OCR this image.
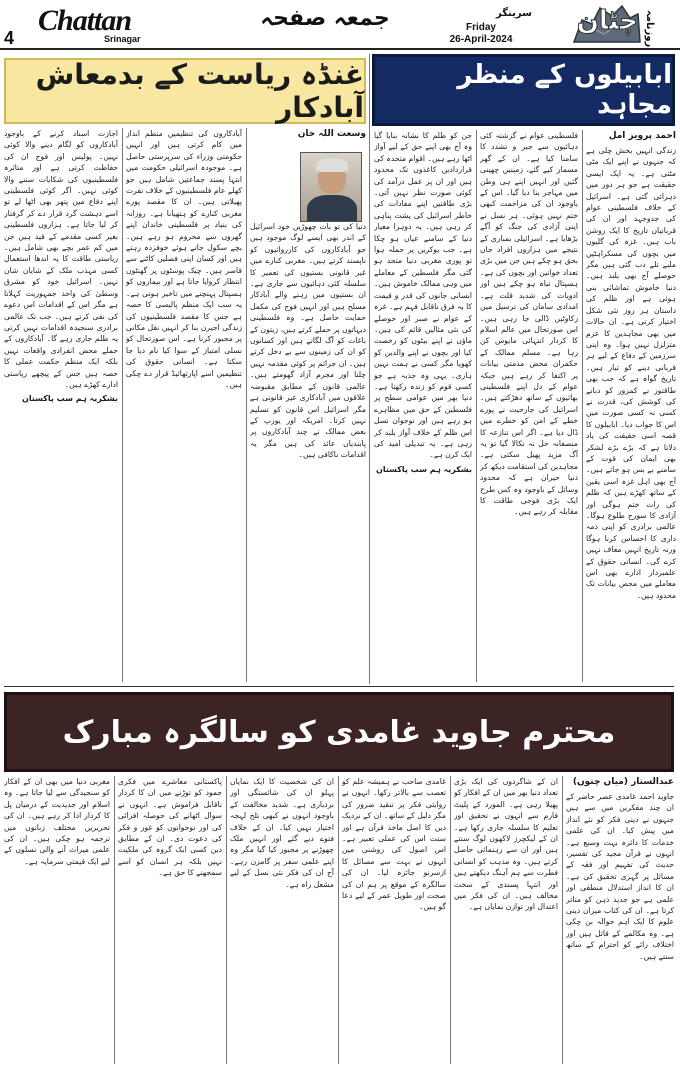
4
Chattan
Srinagar
جمعہ صفحہ	Friday
26-April-2024
سرینگر چٹان روزنامہ
ابابیلوں کے منظر مجاہد
غنڈہ ریاست کے بدمعاش آبادکار
احمد پرویز امل

زندگی انہیں بخش چلی ہے کہ جنہوں نے اپنے ایک مٹی مٹتی ہے۔ یہ ایک ایسی حقیقت ہے جو ہر دور میں دہرائی گئی ہے۔ اسرائیل کے خلاف فلسطینی عوام کی جدوجہد اور ان کی قربانیاں تاریخ کا ایک روشن باب ہیں۔ غزہ کی گلیوں میں بچوں کی مسکراہٹیں ملبے تلے دب گئی ہیں مگر حوصلے آج بھی بلند ہیں۔ دنیا خاموش تماشائی بنی ہوئی ہے اور ظلم کی داستان ہر روز نئی شکل اختیار کرتی ہے۔ ان حالات میں بھی مجاہدین کا عزم متزلزل نہیں ہوا۔ وہ اپنی سرزمین کے دفاع کے لیے ہر قربانی دینے کو تیار ہیں۔ تاریخ گواہ ہے کہ جب بھی طاقتور نے کمزور کو دبانے کی کوشش کی، قدرت نے کسی نہ کسی صورت میں اس کا جواب دیا۔ ابابیلوں کا قصہ اسی حقیقت کی یاد دلاتا ہے کہ بڑے بڑے لشکر بھی ایمان کی قوت کے سامنے بے بس ہو جاتے ہیں۔ آج بھی اہل غزہ اسی یقین کے ساتھ کھڑے ہیں کہ ظلم کی رات ختم ہوگی اور آزادی کا سورج طلوع ہوگا۔ عالمی برادری کو اپنی ذمہ داری کا احساس کرنا ہوگا ورنہ تاریخ انہیں معاف نہیں کرے گی۔ انسانی حقوق کے علمبردار ادارے بھی اس معاملے میں محض بیانات تک محدود ہیں۔

فلسطینی عوام نے گزشتہ کئی دہائیوں سے جبر و تشدد کا سامنا کیا ہے۔ ان کے گھر مسمار کیے گئے، زمینیں چھینی گئیں اور انہیں اپنے ہی وطن میں مہاجر بنا دیا گیا۔ اس کے باوجود ان کی مزاحمت کبھی ختم نہیں ہوئی۔ ہر نسل نے اپنی آزادی کی جنگ کو آگے بڑھایا ہے۔ اسرائیلی بمباری کے نتیجے میں ہزاروں افراد جاں بحق ہو چکے ہیں جن میں بڑی تعداد خواتین اور بچوں کی ہے۔ ہسپتال تباہ ہو چکے ہیں اور ادویات کی شدید قلت ہے۔ امدادی سامان کی ترسیل میں رکاوٹیں ڈالی جا رہی ہیں۔ اس صورتحال میں عالم اسلام کا کردار انتہائی مایوس کن رہا ہے۔ مسلم ممالک کے حکمران محض مذمتی بیانات پر اکتفا کر رہے ہیں جبکہ عوام کے دل اپنے فلسطینی بھائیوں کے ساتھ دھڑکتے ہیں۔ اسرائیل کی جارحیت نے پورے خطے کے امن کو خطرے میں ڈال دیا ہے۔ اگر اس تنازعہ کا منصفانہ حل نہ نکالا گیا تو یہ آگ مزید پھیل سکتی ہے۔ مجاہدین کی استقامت دیکھ کر دنیا حیران ہے کہ محدود وسائل کے باوجود وہ کس طرح ایک بڑی فوجی طاقت کا مقابلہ کر رہے ہیں۔

جن کو ظلم کا نشانہ بنایا گیا وہ آج بھی اپنے حق کے لیے آواز اٹھا رہے ہیں۔ اقوام متحدہ کی قراردادیں کاغذوں تک محدود ہیں اور ان پر عمل درآمد کی کوئی صورت نظر نہیں آتی۔ بڑی طاقتیں اپنے مفادات کی خاطر اسرائیل کی پشت پناہی کر رہی ہیں۔ یہ دوہرا معیار دنیا کے سامنے عیاں ہو چکا ہے۔ جب یوکرین پر حملہ ہوا تو پوری مغربی دنیا متحد ہو گئی مگر فلسطین کے معاملے میں وہی ممالک خاموش ہیں۔ انسانی جانوں کی قدر و قیمت کا یہ فرق ناقابل فہم ہے۔ غزہ کے عوام نے صبر اور حوصلے کی نئی مثالیں قائم کی ہیں۔ ماؤں نے اپنے بیٹوں کو رخصت کیا اور بچوں نے اپنے والدین کو کھویا مگر کسی نے ہمت نہیں ہاری۔ یہی وہ جذبہ ہے جو کسی قوم کو زندہ رکھتا ہے۔ دنیا بھر میں عوامی سطح پر فلسطین کے حق میں مظاہرے ہو رہے ہیں اور نوجوان نسل اس ظلم کے خلاف آواز بلند کر رہی ہے۔ یہ تبدیلی امید کی ایک کرن ہے۔

بشکریہ ہم سب پاکستان

وسعت اللہ خان

دنیا کی تو بات چھوڑیں خود اسرائیل کے اندر بھی ایسے لوگ موجود ہیں جو آبادکاروں کی کارروائیوں کو ناپسند کرتے ہیں۔ مغربی کنارے میں غیر قانونی بستیوں کی تعمیر کا سلسلہ کئی دہائیوں سے جاری ہے۔ ان بستیوں میں رہنے والے آبادکار مسلح ہیں اور انہیں فوج کی مکمل حمایت حاصل ہے۔ وہ فلسطینی دیہاتوں پر حملے کرتے ہیں، زیتون کے باغات کو آگ لگاتے ہیں اور کسانوں کو ان کی زمینوں سے بے دخل کرتے ہیں۔ ان جرائم پر کوئی مقدمہ نہیں چلتا اور مجرم آزاد گھومتے ہیں۔ عالمی قانون کے مطابق مقبوضہ علاقوں میں آبادکاری غیر قانونی ہے مگر اسرائیل اس قانون کو تسلیم نہیں کرتا۔ امریکہ اور یورپ کے بعض ممالک نے چند آبادکاروں پر پابندیاں عائد کی ہیں مگر یہ اقدامات ناکافی ہیں۔

آبادکاروں کی تنظیمیں منظم انداز میں کام کرتی ہیں اور انہیں حکومتی وزراء کی سرپرستی حاصل ہے۔ موجودہ اسرائیلی حکومت میں انتہا پسند جماعتیں شامل ہیں جو کھلے عام فلسطینیوں کے خلاف نفرت پھیلاتی ہیں۔ ان کا مقصد پورے مغربی کنارے کو ہتھیانا ہے۔ روزانہ کی بنیاد پر فلسطینی خاندان اپنے گھروں سے محروم ہو رہے ہیں۔ بچے سکول جاتے ہوئے خوفزدہ رہتے ہیں اور کسان اپنی فصلیں کاٹنے سے قاصر ہیں۔ چیک پوسٹوں پر گھنٹوں انتظار کروایا جاتا ہے اور بیماروں کو ہسپتال پہنچنے میں تاخیر ہوتی ہے۔ یہ سب ایک منظم پالیسی کا حصہ ہے جس کا مقصد فلسطینیوں کی زندگی اجیرن بنا کر انہیں نقل مکانی پر مجبور کرنا ہے۔ اس صورتحال کو نسلی امتیاز کے سوا کیا نام دیا جا سکتا ہے۔ انسانی حقوق کی تنظیمیں اسے اپارتھائیڈ قرار دے چکی ہیں۔

اجازت اسناد کرنے کے باوجود آبادکاروں کو لگام دینے والا کوئی نہیں۔ پولیس اور فوج ان کی حفاظت کرتی ہے اور متاثرہ فلسطینیوں کی شکایات سننے والا کوئی نہیں۔ اگر کوئی فلسطینی اپنے دفاع میں پتھر بھی اٹھا لے تو اسے دہشت گرد قرار دے کر گرفتار کر لیا جاتا ہے۔ ہزاروں فلسطینی بغیر کسی مقدمے کے قید ہیں جن میں کم عمر بچے بھی شامل ہیں۔ ریاستی طاقت کا یہ اندھا استعمال کسی مہذب ملک کے شایان شان نہیں۔ اسرائیل خود کو مشرق وسطیٰ کی واحد جمہوریت کہلاتا ہے مگر اس کے اقدامات اس دعوے کی نفی کرتے ہیں۔ جب تک عالمی برادری سنجیدہ اقدامات نہیں کرتی یہ ظلم جاری رہے گا۔ آبادکاروں کے حملے محض انفرادی واقعات نہیں بلکہ ایک منظم حکمت عملی کا حصہ ہیں جس کے پیچھے ریاستی ادارے کھڑے ہیں۔

بشکریہ ہم سب پاکستان

محترم جاوید غامدی کو سالگرہ مبارک
عبدالستار (میاں چنوں)

جاوید احمد غامدی عصر حاضر کے ان چند مفکرین میں سے ہیں جنہوں نے دینی فکر کو نئے انداز میں پیش کیا۔ ان کی علمی خدمات کا دائرہ بہت وسیع ہے۔ انہوں نے قرآن مجید کی تفسیر، حدیث کی تفہیم اور فقہ کے مسائل پر گہری تحقیق کی ہے۔ ان کا انداز استدلال منطقی اور علمی ہے جو جدید ذہن کو متاثر کرتا ہے۔ ان کی کتاب میزان دینی علوم کا ایک اہم حوالہ بن چکی ہے۔ وہ مکالمے کے قائل ہیں اور اختلاف رائے کو احترام کے ساتھ سنتے ہیں۔

ان کے شاگردوں کی ایک بڑی تعداد دنیا بھر میں ان کے افکار کو پھیلا رہی ہے۔ المورد کے پلیٹ فارم سے انہوں نے تحقیق اور تعلیم کا سلسلہ جاری رکھا ہے۔ ان کے لیکچرز لاکھوں لوگ سنتے ہیں اور ان سے رہنمائی حاصل کرتے ہیں۔ وہ مذہب کو انسانی فطرت سے ہم آہنگ دیکھتے ہیں اور انتہا پسندی کے سخت مخالف ہیں۔ ان کی فکر میں اعتدال اور توازن نمایاں ہے۔

غامدی صاحب نے ہمیشہ علم کو تعصب سے بالاتر رکھا۔ انہوں نے روایتی فکر پر تنقید ضرور کی مگر دلیل کے ساتھ۔ ان کے نزدیک دین کا اصل ماخذ قرآن ہے اور سنت اس کی عملی تعبیر ہے۔ اس اصول کی روشنی میں انہوں نے بہت سے مسائل کا ازسرنو جائزہ لیا۔ ان کی سالگرہ کے موقع پر ہم ان کی صحت اور طویل عمر کے لیے دعا گو ہیں۔

ان کی شخصیت کا ایک نمایاں پہلو ان کی شائستگی اور بردباری ہے۔ شدید مخالفت کے باوجود انہوں نے کبھی تلخ لہجہ اختیار نہیں کیا۔ ان کے خلاف فتوے دیے گئے اور انہیں ملک چھوڑنے پر مجبور کیا گیا مگر وہ اپنے علمی سفر پر گامزن رہے۔ آج ان کی فکر نئی نسل کے لیے مشعل راہ ہے۔

پاکستانی معاشرے میں فکری جمود کو توڑنے میں ان کا کردار ناقابل فراموش ہے۔ انہوں نے سوال اٹھانے کی حوصلہ افزائی کی اور نوجوانوں کو غور و فکر کی دعوت دی۔ ان کے مطابق دین کسی ایک گروہ کی ملکیت نہیں بلکہ ہر انسان کو اسے سمجھنے کا حق ہے۔

مغربی دنیا میں بھی ان کے افکار کو سنجیدگی سے لیا جاتا ہے۔ وہ اسلام اور جدیدیت کے درمیان پل کا کردار ادا کر رہے ہیں۔ ان کی تحریریں مختلف زبانوں میں ترجمہ ہو چکی ہیں۔ ان کی علمی میراث آنے والی نسلوں کے لیے ایک قیمتی سرمایہ ہے۔
